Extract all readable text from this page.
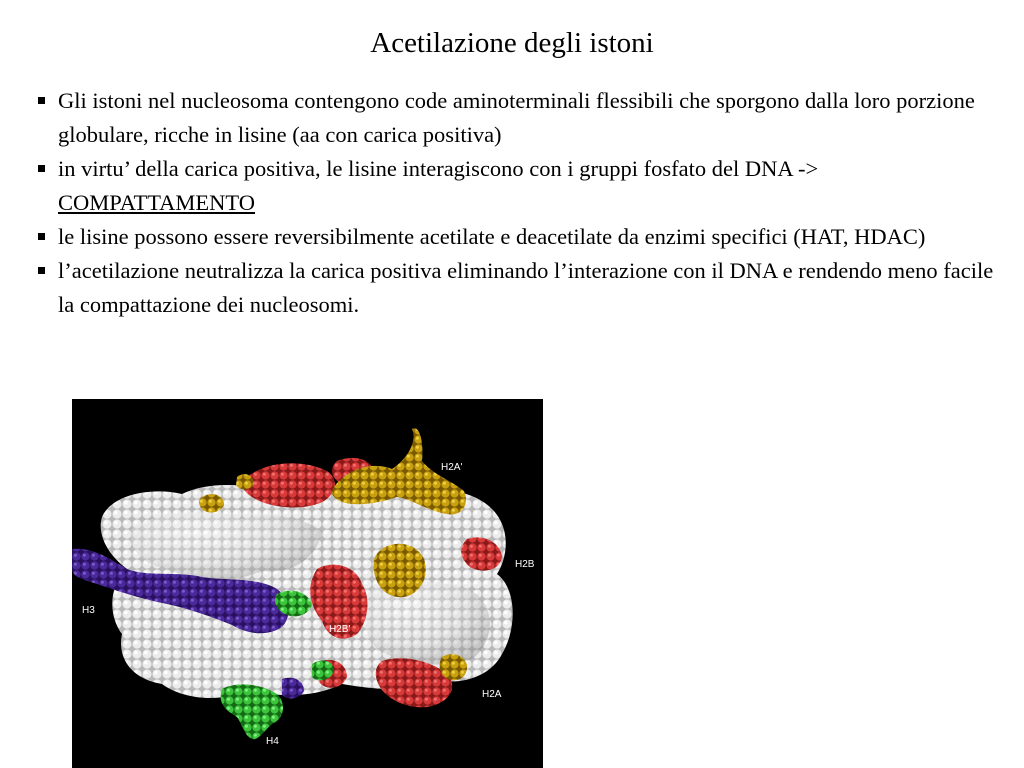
Acetilazione degli istoni
Gli istoni nel nucleosoma contengono code aminoterminali flessibili che sporgono dalla loro porzione globulare, ricche in lisine (aa con carica positiva)
in virtu’ della carica positiva, le lisine interagiscono con i gruppi fosfato del DNA -> COMPATTAMENTO
le lisine possono essere reversibilmente acetilate e deacetilate da enzimi specifici (HAT, HDAC)
l’acetilazione neutralizza la carica positiva eliminando l’interazione con il DNA e rendendo meno facile la compattazione dei nucleosomi.
H2A'
H2B
H3
H2B'
H2A
H4
